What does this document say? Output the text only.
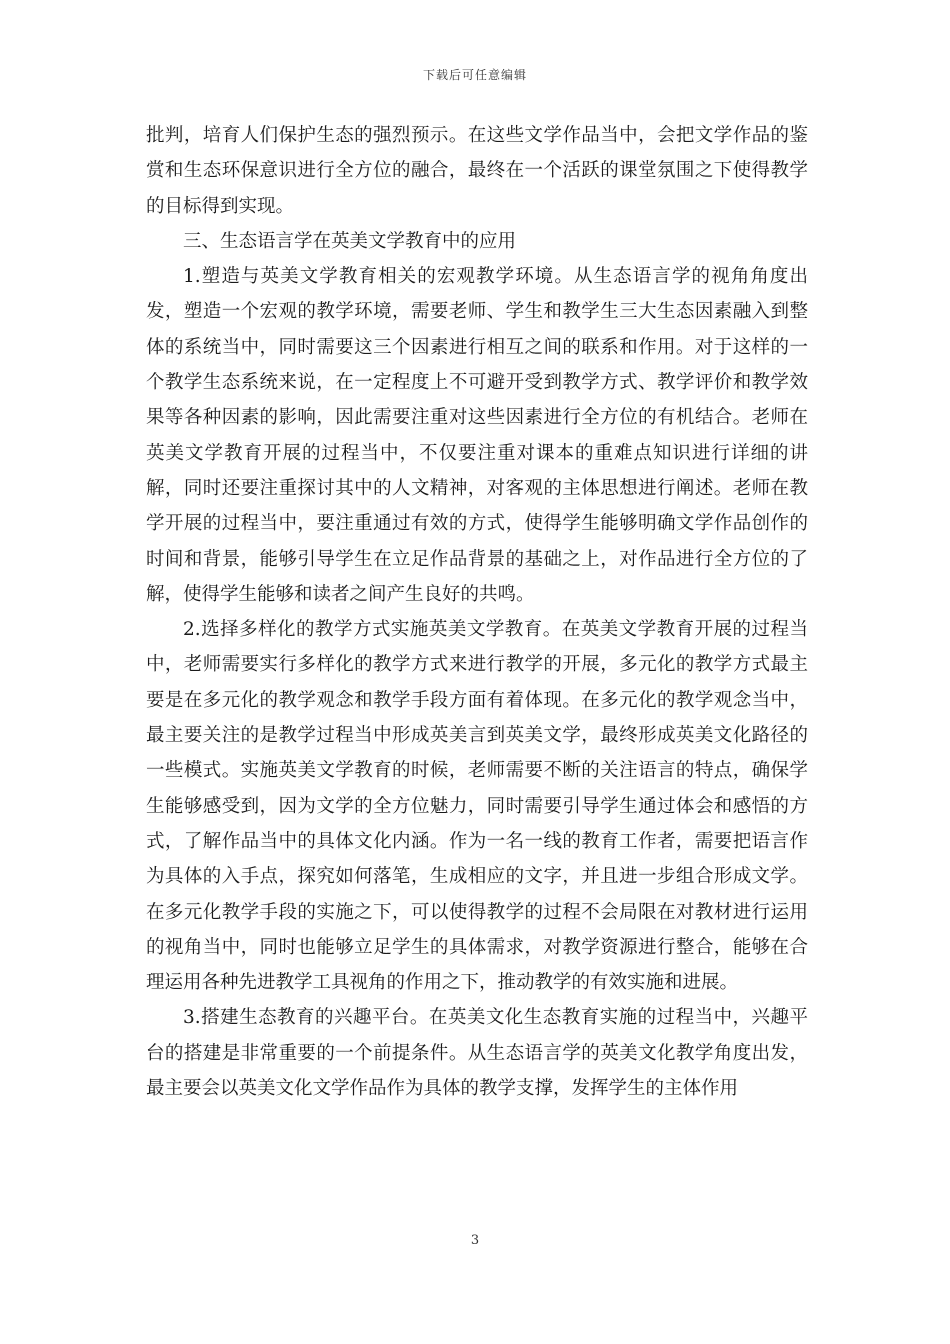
下载后可任意编辑

批判，培育人们保护生态的强烈预示。在这些文学作品当中，会把文学作品的鉴赏和生态环保意识进行全方位的融合，最终在一个活跃的课堂氛围之下使得教学的目标得到实现。

三、生态语言学在英美文学教育中的应用

1.塑造与英美文学教育相关的宏观教学环境。从生态语言学的视角角度出发，塑造一个宏观的教学环境，需要老师、学生和教学生三大生态因素融入到整体的系统当中，同时需要这三个因素进行相互之间的联系和作用。对于这样的一个教学生态系统来说，在一定程度上不可避开受到教学方式、教学评价和教学效果等各种因素的影响，因此需要注重对这些因素进行全方位的有机结合。老师在英美文学教育开展的过程当中，不仅要注重对课本的重难点知识进行详细的讲解，同时还要注重探讨其中的人文精神，对客观的主体思想进行阐述。老师在教学开展的过程当中，要注重通过有效的方式，使得学生能够明确文学作品创作的时间和背景，能够引导学生在立足作品背景的基础之上，对作品进行全方位的了解，使得学生能够和读者之间产生良好的共鸣。

2.选择多样化的教学方式实施英美文学教育。在英美文学教育开展的过程当中，老师需要实行多样化的教学方式来进行教学的开展，多元化的教学方式最主要是在多元化的教学观念和教学手段方面有着体现。在多元化的教学观念当中，最主要关注的是教学过程当中形成英美言到英美文学，最终形成英美文化路径的一些模式。实施英美文学教育的时候，老师需要不断的关注语言的特点，确保学生能够感受到，因为文学的全方位魅力，同时需要引导学生通过体会和感悟的方式，了解作品当中的具体文化内涵。作为一名一线的教育工作者，需要把语言作为具体的入手点，探究如何落笔，生成相应的文字，并且进一步组合形成文学。在多元化教学手段的实施之下，可以使得教学的过程不会局限在对教材进行运用的视角当中，同时也能够立足学生的具体需求，对教学资源进行整合，能够在合理运用各种先进教学工具视角的作用之下，推动教学的有效实施和进展。

3.搭建生态教育的兴趣平台。在英美文化生态教育实施的过程当中，兴趣平台的搭建是非常重要的一个前提条件。从生态语言学的英美文化教学角度出发，最主要会以英美文化文学作品作为具体的教学支撑，发挥学生的主体作用

3
